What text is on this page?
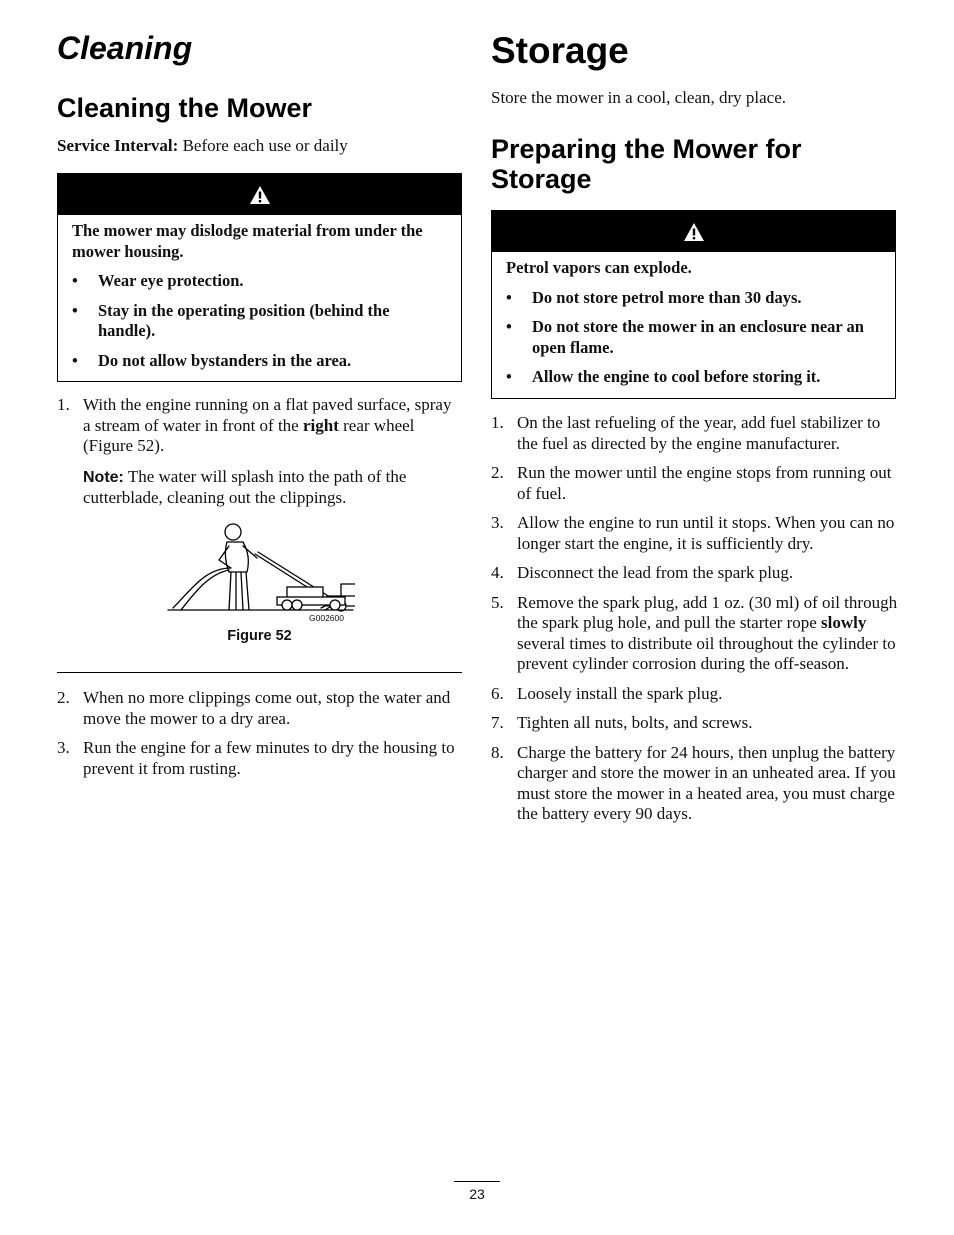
Cleaning
Cleaning the Mower

Service Interval: Before each use or daily

The mower may dislodge material from under the mower housing.

• Wear eye protection.

• Stay in the operating position (behind the handle).

• Do not allow bystanders in the area.

1. With the engine running on a flat paved surface, spray a stream of water in front of the right rear wheel (Figure 52).

Note: The water will splash into the path of the cutterblade, cleaning out the clippings.

G002600
Figure 52
2. When no more clippings come out, stop the water and move the mower to a dry area.
3. Run the engine for a few minutes to dry the housing to prevent it from rusting.
Storage

Store the mower in a cool, clean, dry place.

Preparing the Mower for Storage

Petrol vapors can explode.

• Do not store petrol more than 30 days.

• Do not store the mower in an enclosure near an open flame.

• Allow the engine to cool before storing it.

1. On the last refueling of the year, add fuel stabilizer to the fuel as directed by the engine manufacturer.
2. Run the mower until the engine stops from running out of fuel.
3. Allow the engine to run until it stops. When you can no longer start the engine, it is sufficiently dry.
4. Disconnect the lead from the spark plug.
5. Remove the spark plug, add 1 oz. (30 ml) of oil through the spark plug hole, and pull the starter rope slowly several times to distribute oil throughout the cylinder to prevent cylinder corrosion during the off-season.
6. Loosely install the spark plug.
7. Tighten all nuts, bolts, and screws.
8. Charge the battery for 24 hours, then unplug the battery charger and store the mower in an unheated area. If you must store the mower in a heated area, you must charge the battery every 90 days.
23
